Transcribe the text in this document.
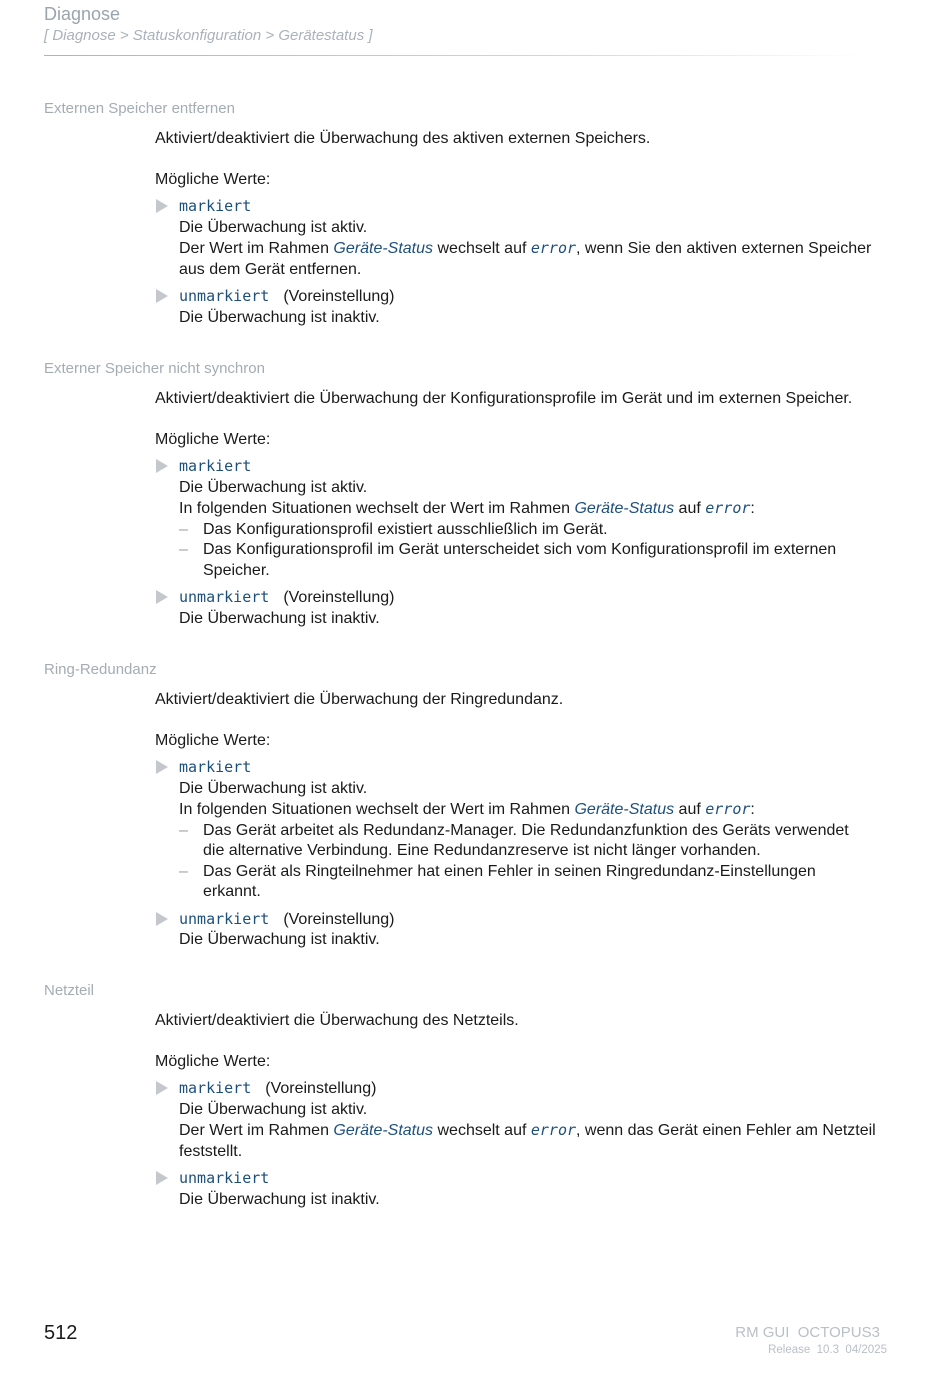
Diagnose
[ Diagnose > Statuskonfiguration > Gerätestatus ]
Externen Speicher entfernen

Aktiviert/deaktiviert die Überwachung des aktiven externen Speichers.

Mögliche Werte:

markiert
Die Überwachung ist aktiv.
Der Wert im Rahmen Geräte-Status wechselt auf error, wenn Sie den aktiven externen Speicher
aus dem Gerät entfernen.
unmarkiert (Voreinstellung)
Die Überwachung ist inaktiv.
Externer Speicher nicht synchron

Aktiviert/deaktiviert die Überwachung der Konfigurationsprofile im Gerät und im externen Speicher.

Mögliche Werte:

markiert
Die Überwachung ist aktiv.
In folgenden Situationen wechselt der Wert im Rahmen Geräte-Status auf error:
– Das Konfigurationsprofil existiert ausschließlich im Gerät.
– Das Konfigurationsprofil im Gerät unterscheidet sich vom Konfigurationsprofil im externen
Speicher.
unmarkiert (Voreinstellung)
Die Überwachung ist inaktiv.
Ring-Redundanz

Aktiviert/deaktiviert die Überwachung der Ringredundanz.

Mögliche Werte:

markiert
Die Überwachung ist aktiv.
In folgenden Situationen wechselt der Wert im Rahmen Geräte-Status auf error:
– Das Gerät arbeitet als Redundanz-Manager. Die Redundanzfunktion des Geräts verwendet
die alternative Verbindung. Eine Redundanzreserve ist nicht länger vorhanden.
– Das Gerät als Ringteilnehmer hat einen Fehler in seinen Ringredundanz-Einstellungen
erkannt.
unmarkiert (Voreinstellung)
Die Überwachung ist inaktiv.
Netzteil

Aktiviert/deaktiviert die Überwachung des Netzteils.

Mögliche Werte:

markiert (Voreinstellung)
Die Überwachung ist aktiv.
Der Wert im Rahmen Geräte-Status wechselt auf error, wenn das Gerät einen Fehler am Netzteil
feststellt.
unmarkiert
Die Überwachung ist inaktiv.
512	RM GUI  OCTOPUS3
Release  10.3  04/2025
